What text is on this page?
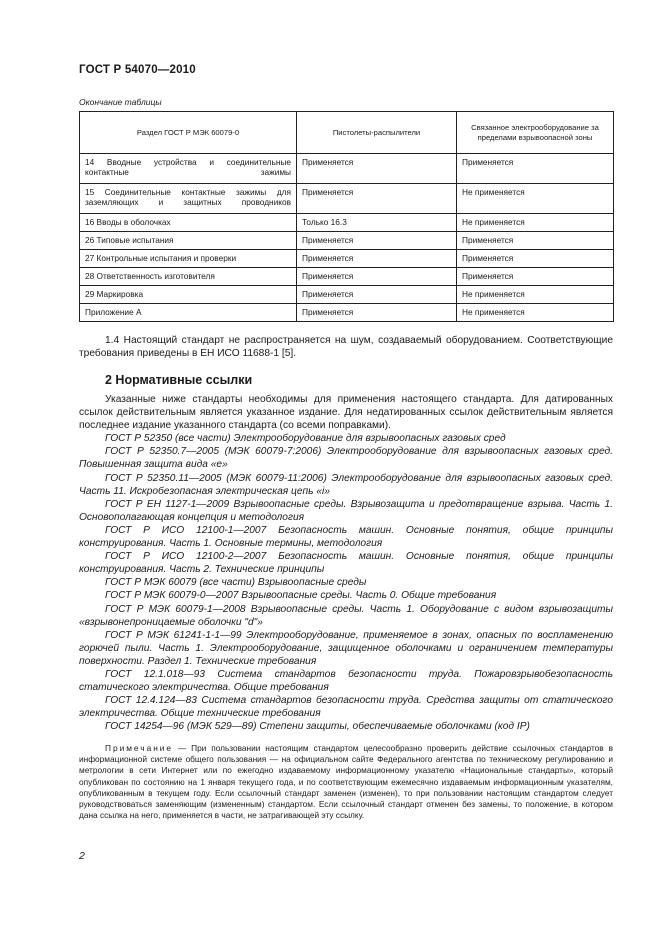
ГОСТ Р 54070—2010
Окончание таблицы
Раздел ГОСТ Р МЭК 60079-0	Пистолеты-распылители	Связанное электрооборудование за пределами взрывоопасной зоны
14 Вводные устройства и соединительные контактные зажимы	Применяется	Применяется
15 Соединительные контактные зажимы для заземляющих и защитных проводников	Применяется	Не применяется
16 Вводы в оболочках	Только 16.3	Не применяется
26 Типовые испытания	Применяется	Применяется
27 Контрольные испытания и проверки	Применяется	Применяется
28 Ответственность изготовителя	Применяется	Применяется
29 Маркировка	Применяется	Не применяется
Приложение А	Применяется	Не применяется

1.4 Настоящий стандарт не распространяется на шум, создаваемый оборудованием. Соответствующие требования приведены в ЕН ИСО 11688-1 [5].

2 Нормативные ссылки

Указанные ниже стандарты необходимы для применения настоящего стандарта. Для датированных ссылок действительным является указанное издание. Для недатированных ссылок действительным является последнее издание указанного стандарта (со всеми поправками).

ГОСТ Р 52350 (все части) Электрооборудование для взрывоопасных газовых сред

ГОСТ Р 52350.7—2005 (МЭК 60079-7:2006) Электрооборудование для взрывоопасных газовых сред. Повышенная защита вида «е»

ГОСТ Р 52350.11—2005 (МЭК 60079-11:2006) Электрооборудование для взрывоопасных газовых сред. Часть 11. Искробезопасная электрическая цепь «i»

ГОСТ Р ЕН 1127-1—2009 Взрывоопасные среды. Взрывозащита и предотвращение взрыва. Часть 1. Основополагающая концепция и методология

ГОСТ Р ИСО 12100-1—2007 Безопасность машин. Основные понятия, общие принципы конструирования. Часть 1. Основные термины, методология

ГОСТ Р ИСО 12100-2—2007 Безопасность машин. Основные понятия, общие принципы конструирования. Часть 2. Технические принципы

ГОСТ Р МЭК 60079 (все части) Взрывоопасные среды

ГОСТ Р МЭК 60079-0—2007 Взрывоопасные среды. Часть 0. Общие требования

ГОСТ Р МЭК 60079-1—2008 Взрывоопасные среды. Часть 1. Оборудование с видом взрывозащиты «взрывонепроницаемые оболочки "d"»

ГОСТ Р МЭК 61241-1-1—99 Электрооборудование, применяемое в зонах, опасных по воспламенению горючей пыли. Часть 1. Электрооборудование, защищенное оболочками и ограничением температуры поверхности. Раздел 1. Технические требования

ГОСТ 12.1.018—93 Система стандартов безопасности труда. Пожаровзрывобезопасность статического электричества. Общие требования

ГОСТ 12.4.124—83 Система стандартов безопасности труда. Средства защиты от статического электричества. Общие технические требования

ГОСТ 14254—96 (МЭК 529—89) Степени защиты, обеспечиваемые оболочками (код IP)

Примечание — При пользовании настоящим стандартом целесообразно проверить действие ссылочных стандартов в информационной системе общего пользования — на официальном сайте Федерального агентства по техническому регулированию и метрологии в сети Интернет или по ежегодно издаваемому информационному указателю «Национальные стандарты», который опубликован по состоянию на 1 января текущего года, и по соответствующим ежемесячно издаваемым информационным указателям, опубликованным в текущем году. Если ссылочный стандарт заменен (изменен), то при пользовании настоящим стандартом следует руководствоваться заменяющим (измененным) стандартом. Если ссылочный стандарт отменен без замены, то положение, в котором дана ссылка на него, применяется в части, не затрагивающей эту ссылку.

2
